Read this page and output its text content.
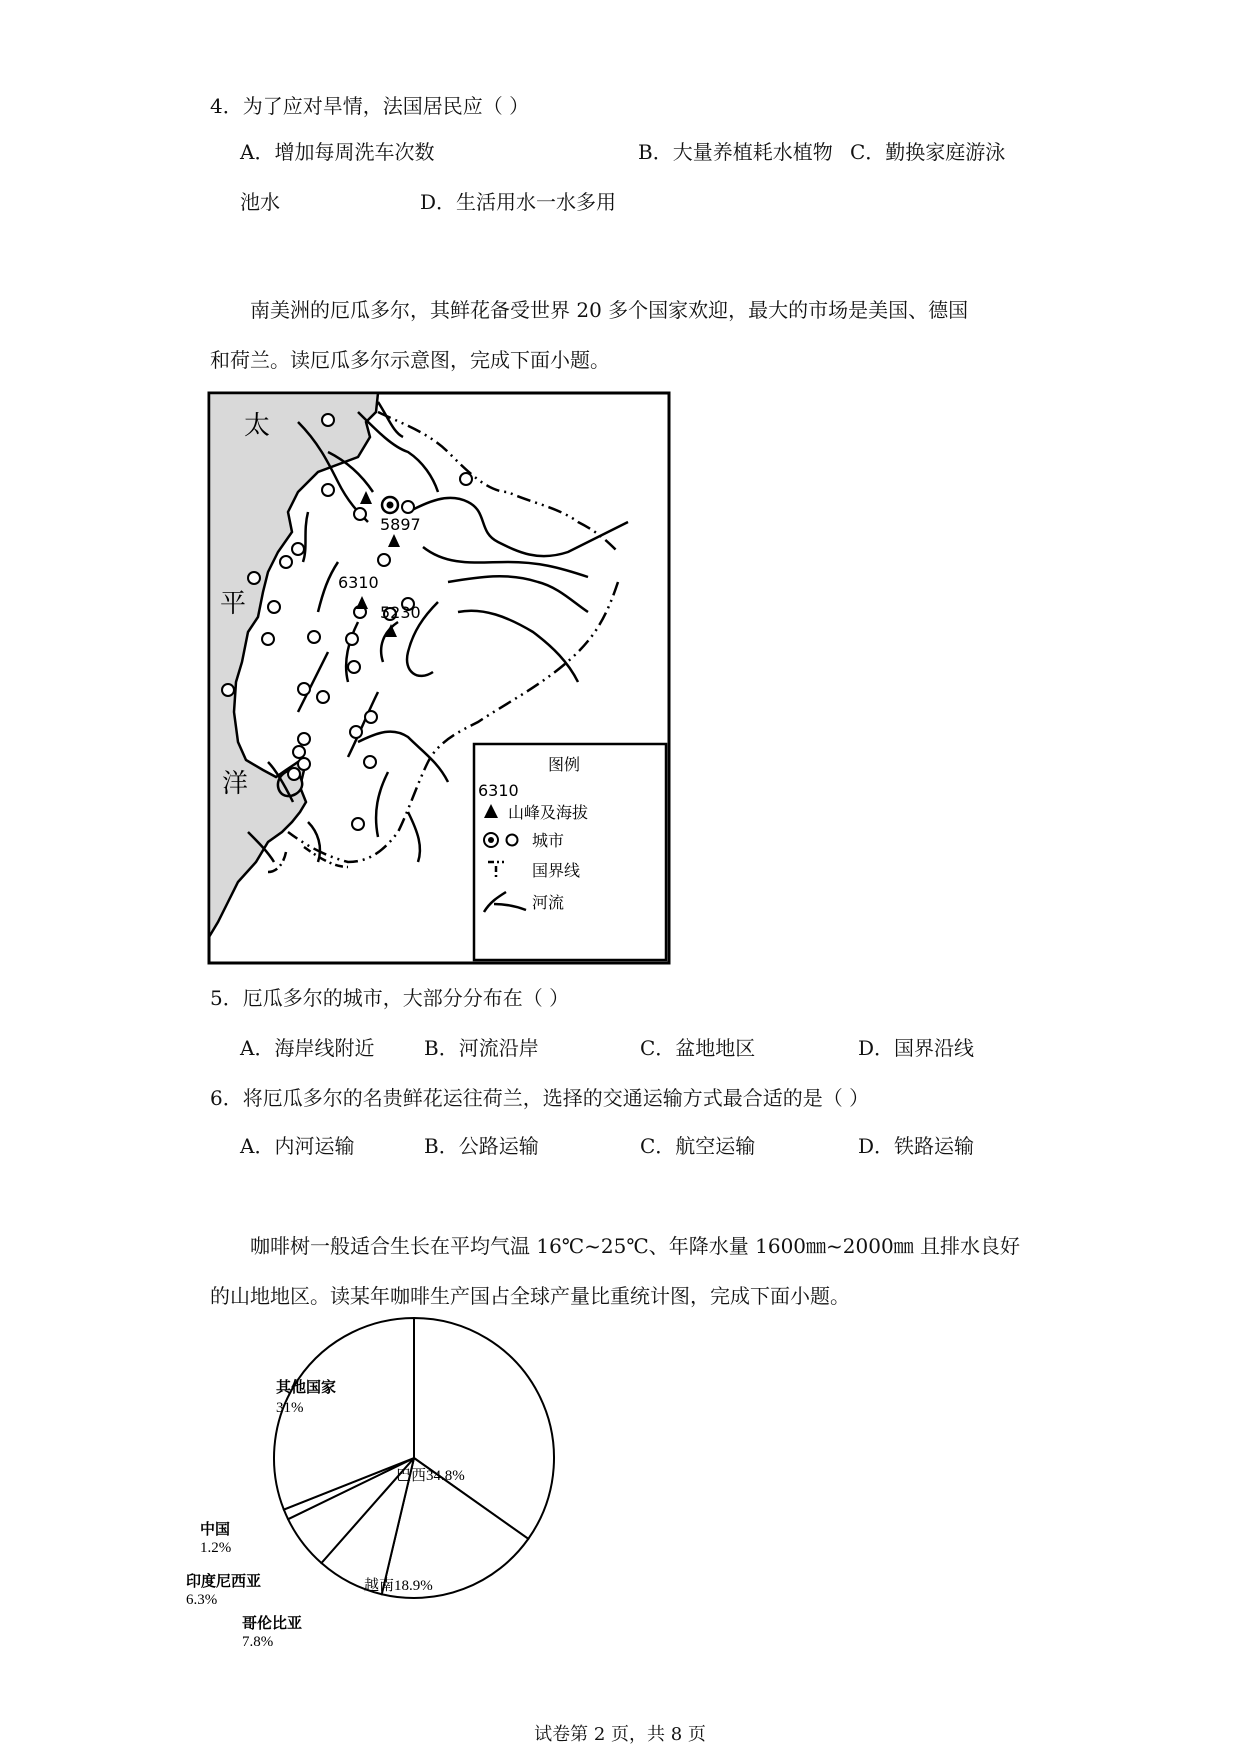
4．为了应对旱情，法国居民应（ ）
A．增加每周洗车次数	B．大量养植耗水植物 C．勤换家庭游泳
池水	D．生活用水一水多用
南美洲的厄瓜多尔，其鲜花备受世界 20 多个国家欢迎，最大的市场是美国、德国
和荷兰。读厄瓜多尔示意图，完成下面小题。
太
平
洋
5897
6310
5230
图例
6310
山峰及海拔
城市
国界线
河流
5．厄瓜多尔的城市，大部分分布在（ ）
A．海岸线附近 B．河流沿岸	C．盆地地区	D．国界沿线
6．将厄瓜多尔的名贵鲜花运往荷兰，选择的交通运输方式最合适的是（ ）
A．内河运输	B．公路运输	C．航空运输	D．铁路运输
咖啡树一般适合生长在平均气温 16℃~25℃、年降水量 1600㎜~2000㎜ 且排水良好
的山地地区。读某年咖啡生产国占全球产量比重统计图，完成下面小题。
巴西34.8%
越南18.9%
其他国家
31%
哥伦比亚
7.8%
印度尼西亚
6.3%
中国
1.2%
试卷第 2 页，共 8 页
